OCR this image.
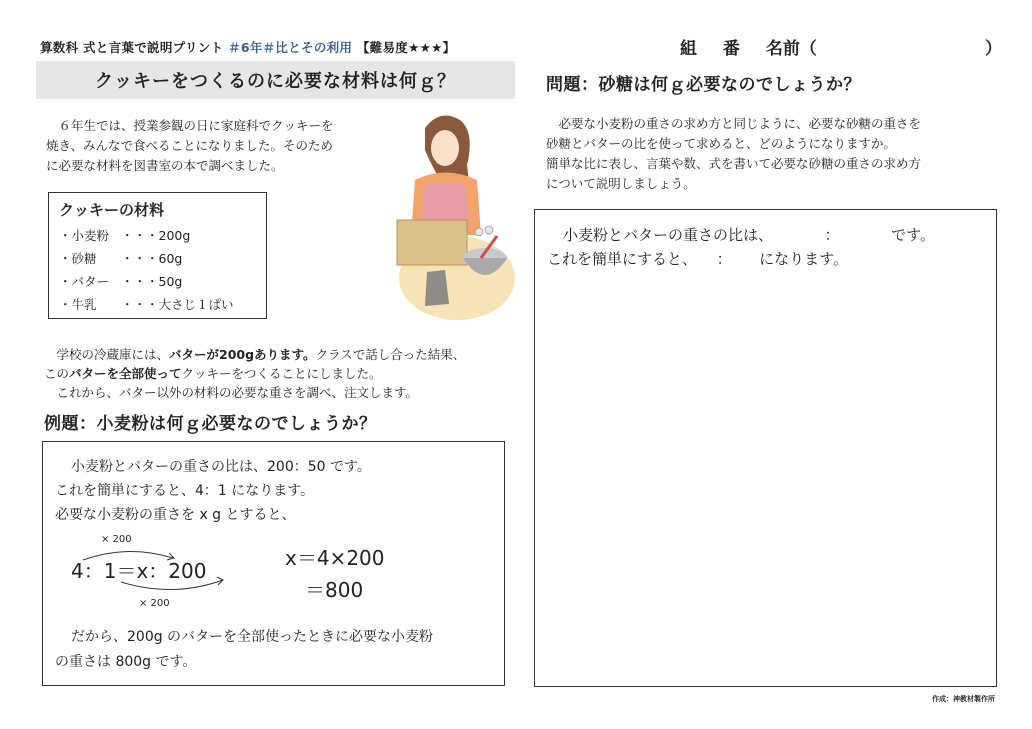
算数科 式と言葉で説明プリント ＃6年＃比とその利用 【難易度★★★】	組 番 名前（	）
クッキーをつくるのに必要な材料は何ｇ？
６年生では、授業参観の日に家庭科でクッキーを
焼き、みんなで食べることになりました。そのため
に必要な材料を図書室の本で調べました。
クッキーの材料
・小麦粉 ・・・200g
・砂糖	・・・60g
・バター ・・・50g
・牛乳	・・・大さじ１ぱい
学校の冷蔵庫には、バターが200gあります。クラスで話し合った結果、
このバターを全部使ってクッキーをつくることにしました。
これから、バター以外の材料の必要な重さを調べ、注文します。
例題：小麦粉は何ｇ必要なのでしょうか？
小麦粉とバターの重さの比は、200：50 です。
これを簡単にすると、4：1 になります。
必要な小麦粉の重さを x g とすると、
× 200
4：1＝x：200
× 200
x＝4×200
＝800
だから、200g のバターを全部使ったときに必要な小麦粉
の重さは 800g です。
問題：砂糖は何ｇ必要なのでしょうか？
必要な小麦粉の重さの求め方と同じように、必要な砂糖の重さを
砂糖とバターの比を使って求めると、どのようになりますか。
簡単な比に表し、言葉や数、式を書いて必要な砂糖の重さの求め方
について説明しましょう。
小麦粉とバターの重さの比は、	：	です。
これを簡単にすると、 ： になります。
作成：神教材製作所
